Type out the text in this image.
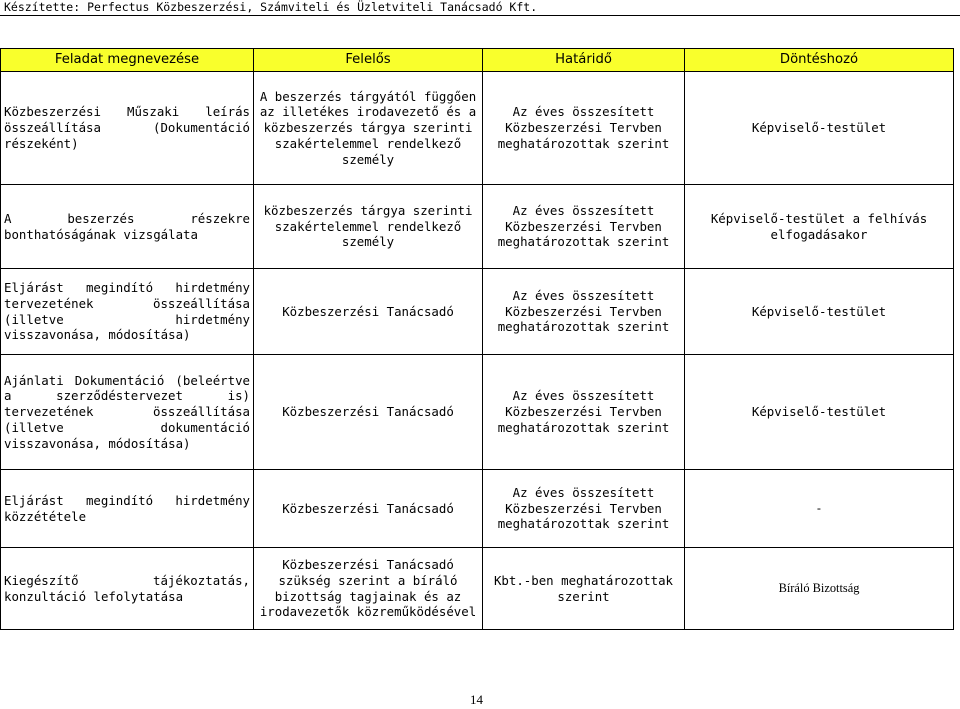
Készítette: Perfectus Közbeszerzési, Számviteli és Üzletviteli Tanácsadó Kft.
Feladat megnevezése	Felelős	Határidő	Döntéshozó
Közbeszerzési Műszaki leírás összeállítása (Dokumentáció részeként)	A beszerzés tárgyától függően az illetékes irodavezető és a közbeszerzés tárgya szerinti szakértelemmel rendelkező személy	Az éves összesített Közbeszerzési Tervben meghatározottak szerint	Képviselő-testület
A beszerzés részekre bonthatóságának vizsgálata	közbeszerzés tárgya szerinti szakértelemmel rendelkező személy	Az éves összesített Közbeszerzési Tervben meghatározottak szerint	Képviselő-testület a felhívás elfogadásakor
Eljárást megindító hirdetmény tervezetének összeállítása (illetve hirdetmény visszavonása, módosítása)	Közbeszerzési Tanácsadó	Az éves összesített Közbeszerzési Tervben meghatározottak szerint	Képviselő-testület
Ajánlati Dokumentáció (beleértve a szerződéstervezet is) tervezetének összeállítása (illetve dokumentáció visszavonása, módosítása)	Közbeszerzési Tanácsadó	Az éves összesített Közbeszerzési Tervben meghatározottak szerint	Képviselő-testület
Eljárást megindító hirdetmény közzététele	Közbeszerzési Tanácsadó	Az éves összesített Közbeszerzési Tervben meghatározottak szerint	-
Kiegészítő tájékoztatás, konzultáció lefolytatása	Közbeszerzési Tanácsadó szükség szerint a bíráló bizottság tagjainak és az irodavezetők közreműködésével	Kbt.-ben meghatározottak szerint	Bíráló Bizottság
14
